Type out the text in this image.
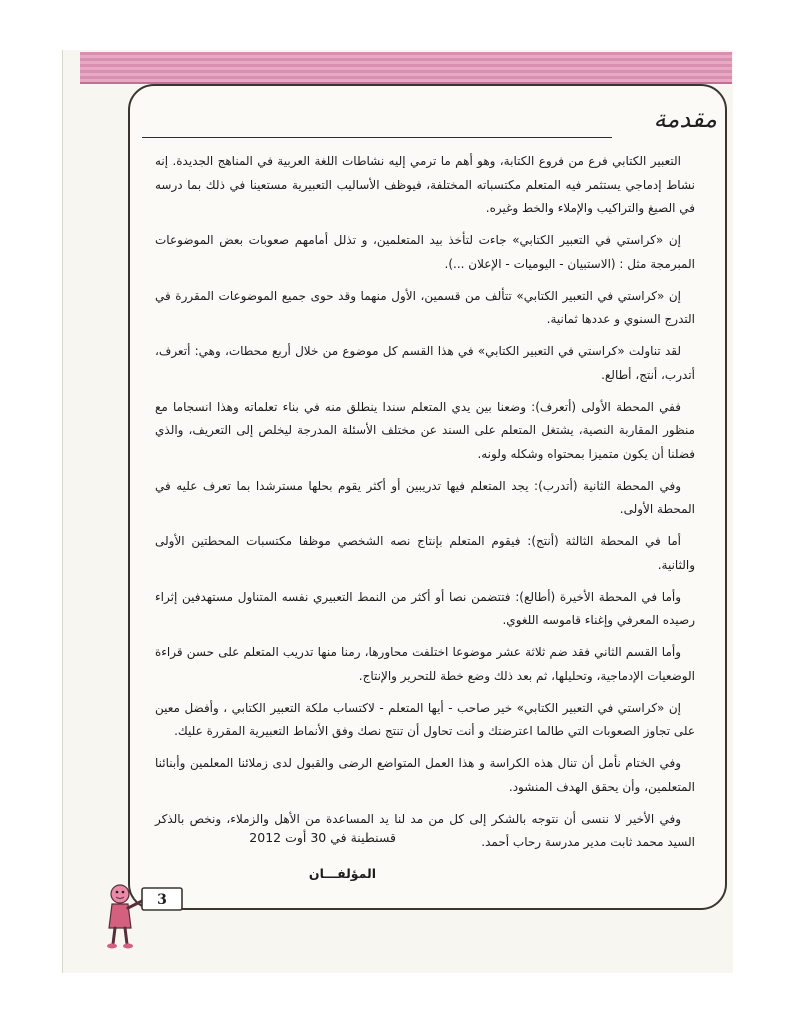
مقدمة

التعبير الكتابي فرع من فروع الكتابة، وهو أهم ما ترمي إليه نشاطات اللغة العربية في المناهج الجديدة. إنه نشاط إدماجي يستثمر فيه المتعلم مكتسباته المختلفة، فيوظف الأساليب التعبيرية مستعينا في ذلك بما درسه في الصيغ والتراكيب والإملاء والخط وغيره.

إن «كراستي في التعبير الكتابي» جاءت لتأخذ بيد المتعلمين، و تذلل أمامهم صعوبات بعض الموضوعات المبرمجة مثل : (الاستبيان - اليوميات - الإعلان ...).

إن «كراستي في التعبير الكتابي» تتألف من قسمين، الأول منهما وقد حوى جميع الموضوعات المقررة في التدرج السنوي و عددها ثمانية.

لقد تناولت «كراستي في التعبير الكتابي» في هذا القسم كل موضوع من خلال أربع محطات، وهي: أتعرف، أتدرب، أنتج، أطالع.

ففي المحطة الأولى (أتعرف): وضعنا بين يدي المتعلم سندا ينطلق منه في بناء تعلماته وهذا انسجاما مع منظور المقاربة النصية، يشتغل المتعلم على السند عن مختلف الأسئلة المدرجة ليخلص إلى التعريف، والذي فضلنا أن يكون متميزا بمحتواه وشكله ولونه.

وفي المحطة الثانية (أتدرب): يجد المتعلم فيها تدريبين أو أكثر يقوم بحلها مسترشدا بما تعرف عليه في المحطة الأولى.

أما في المحطة الثالثة (أنتج): فيقوم المتعلم بإنتاج نصه الشخصي موظفا مكتسبات المحطتين الأولى والثانية.

وأما في المحطة الأخيرة (أطالع): فتتضمن نصا أو أكثر من النمط التعبيري نفسه المتناول مستهدفين إثراء رصيده المعرفي وإغناء قاموسه اللغوي.

وأما القسم الثاني فقد ضم ثلاثة عشر موضوعا اختلفت محاورها، رمنا منها تدريب المتعلم على حسن قراءة الوضعيات الإدماجية، وتحليلها، ثم بعد ذلك وضع خطة للتحرير والإنتاج.

إن «كراستي في التعبير الكتابي» خير صاحب - أيها المتعلم - لاكتساب ملكة التعبير الكتابي ، وأفضل معين على تجاوز الصعوبات التي طالما اعترضتك و أنت تحاول أن تنتج نصك وفق الأنماط التعبيرية المقررة عليك.

وفي الختام نأمل أن تنال هذه الكراسة و هذا العمل المتواضع الرضى والقبول لدى زملائنا المعلمين وأبنائنا المتعلمين، وأن يحقق الهدف المنشود.

وفي الأخير لا ننسى أن نتوجه بالشكر إلى كل من مد لنا يد المساعدة من الأهل والزملاء، ونخص بالذكر السيد محمد ثابت مدير مدرسة رحاب أحمد.

قسنطينة في 30 أوت 2012
المؤلفـــان
3
